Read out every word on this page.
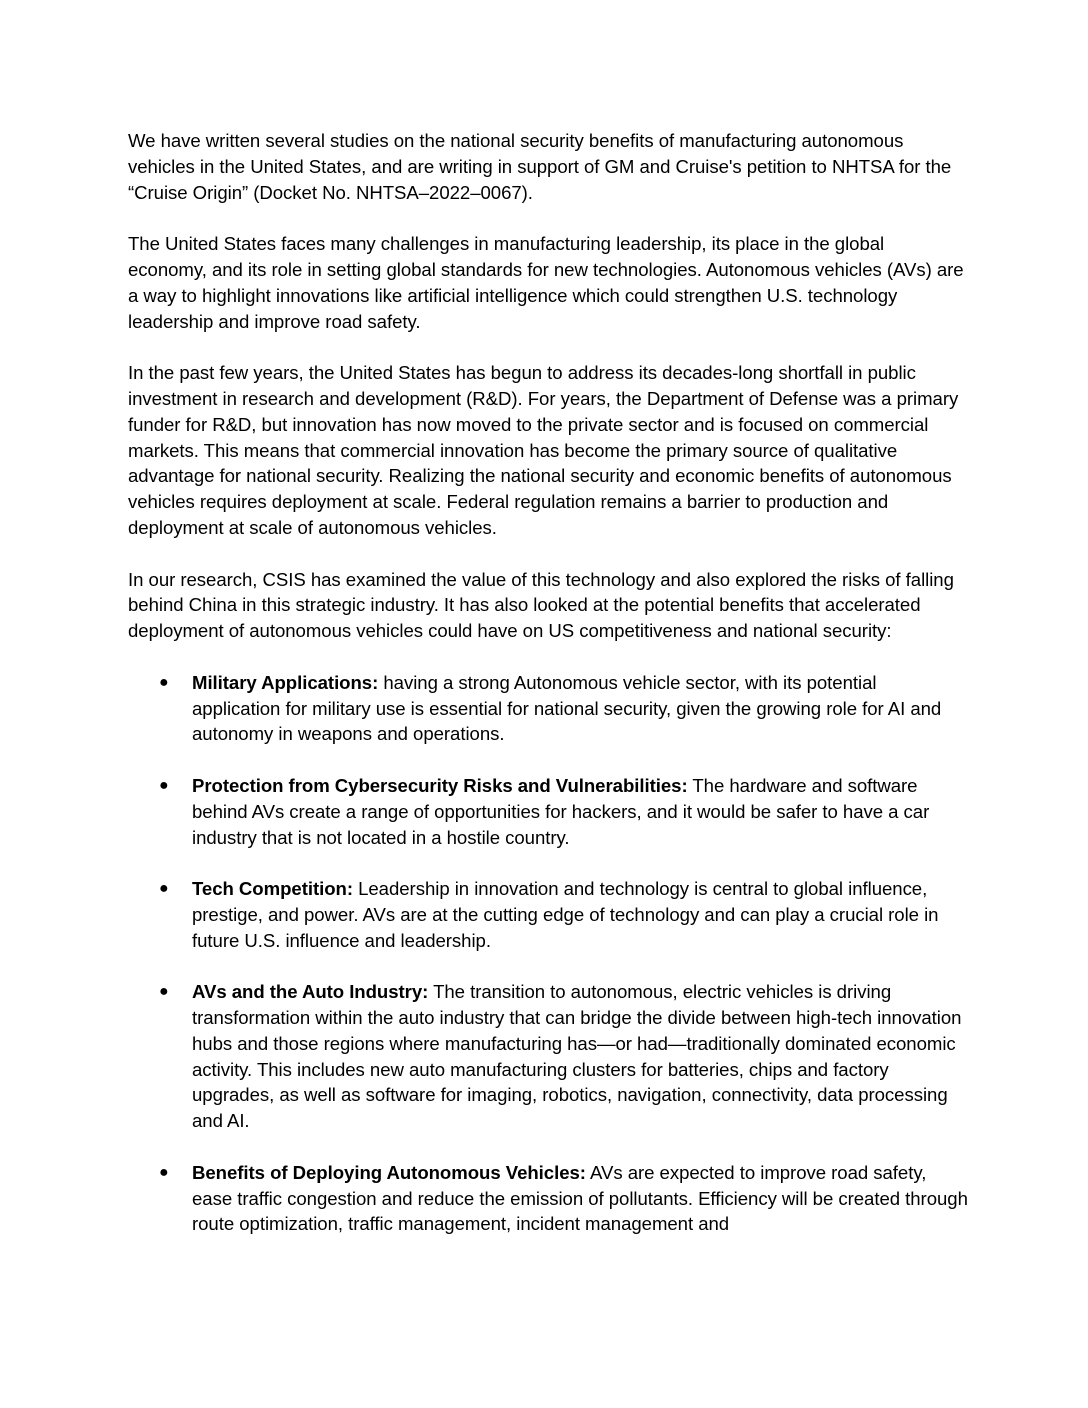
We have written several studies on the national security benefits of manufacturing autonomous vehicles in the United States, and are writing in support of GM and Cruise's petition to NHTSA for the “Cruise Origin” (Docket No. NHTSA–2022–0067).

The United States faces many challenges in manufacturing leadership, its place in the global economy, and its role in setting global standards for new technologies. Autonomous vehicles (AVs) are a way to highlight innovations like artificial intelligence which could strengthen U.S. technology leadership and improve road safety.

In the past few years, the United States has begun to address its decades-long shortfall in public investment in research and development (R&D). For years, the Department of Defense was a primary funder for R&D, but innovation has now moved to the private sector and is focused on commercial markets. This means that commercial innovation has become the primary source of qualitative advantage for national security. Realizing the national security and economic benefits of autonomous vehicles requires deployment at scale. Federal regulation remains a barrier to production and deployment at scale of autonomous vehicles.

In our research, CSIS has examined the value of this technology and also explored the risks of falling behind China in this strategic industry. It has also looked at the potential benefits that accelerated deployment of autonomous vehicles could have on US competitiveness and national security:

● Military Applications: having a strong Autonomous vehicle sector, with its potential application for military use is essential for national security, given the growing role for AI and autonomy in weapons and operations.
● Protection from Cybersecurity Risks and Vulnerabilities: The hardware and software behind AVs create a range of opportunities for hackers, and it would be safer to have a car industry that is not located in a hostile country.
● Tech Competition: Leadership in innovation and technology is central to global influence, prestige, and power. AVs are at the cutting edge of technology and can play a crucial role in future U.S. influence and leadership.
● AVs and the Auto Industry: The transition to autonomous, electric vehicles is driving transformation within the auto industry that can bridge the divide between high-tech innovation hubs and those regions where manufacturing has—or had—traditionally dominated economic activity. This includes new auto manufacturing clusters for batteries, chips and factory upgrades, as well as software for imaging, robotics, navigation, connectivity, data processing and AI.
● Benefits of Deploying Autonomous Vehicles: AVs are expected to improve road safety, ease traffic congestion and reduce the emission of pollutants. Efficiency will be created through route optimization, traffic management, incident management and
